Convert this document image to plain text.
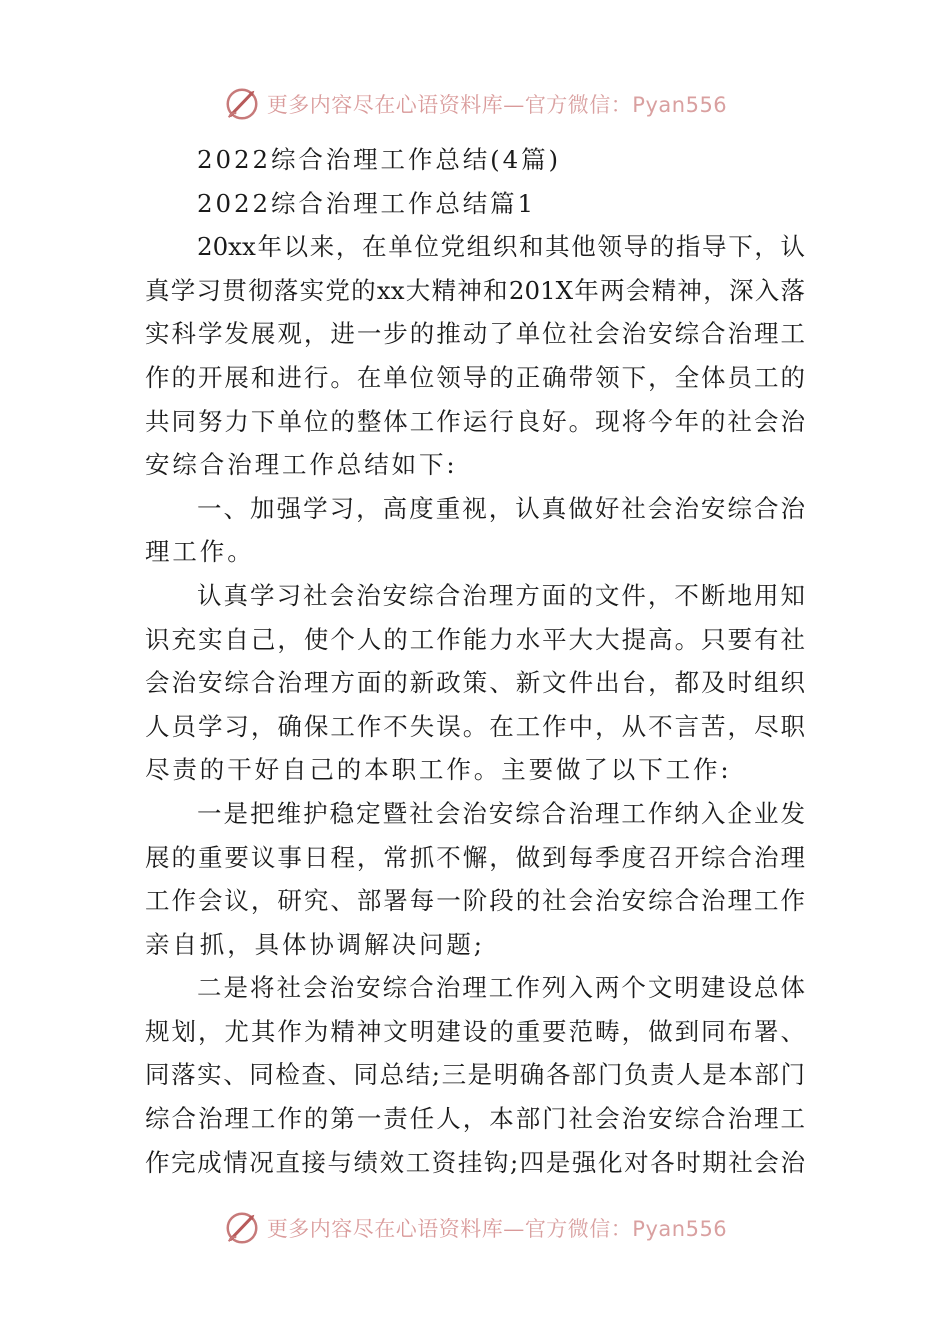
更多内容尽在心语资料库—官方微信：Pyan556
2022综合治理工作总结(4篇)
2022综合治理工作总结篇1
20xx年以来，在单位党组织和其他领导的指导下，认
真学习贯彻落实党的xx大精神和201X年两会精神，深入落
实科学发展观，进一步的推动了单位社会治安综合治理工
作的开展和进行。在单位领导的正确带领下，全体员工的
共同努力下单位的整体工作运行良好。现将今年的社会治
安综合治理工作总结如下:
一、加强学习，高度重视，认真做好社会治安综合治
理工作。
认真学习社会治安综合治理方面的文件，不断地用知
识充实自己，使个人的工作能力水平大大提高。只要有社
会治安综合治理方面的新政策、新文件出台，都及时组织
人员学习，确保工作不失误。在工作中，从不言苦，尽职
尽责的干好自己的本职工作。主要做了以下工作:
一是把维护稳定暨社会治安综合治理工作纳入企业发
展的重要议事日程，常抓不懈，做到每季度召开综合治理
工作会议，研究、部署每一阶段的社会治安综合治理工作
亲自抓，具体协调解决问题;
二是将社会治安综合治理工作列入两个文明建设总体
规划，尤其作为精神文明建设的重要范畴，做到同布署、
同落实、同检查、同总结;三是明确各部门负责人是本部门
综合治理工作的第一责任人，本部门社会治安综合治理工
作完成情况直接与绩效工资挂钩;四是强化对各时期社会治
更多内容尽在心语资料库—官方微信：Pyan556
